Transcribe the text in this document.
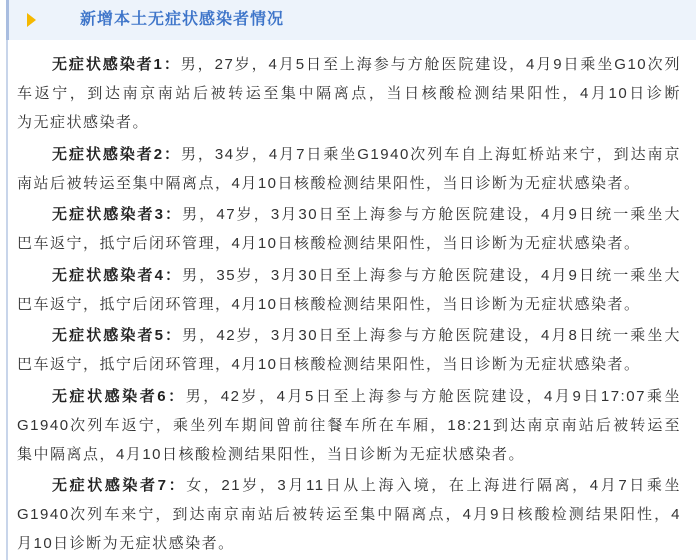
新增本土无症状感染者情况
无症状感染者1：男，27岁，4月5日至上海参与方舱医院建设，4月9日乘坐G10次列
车返宁，到达南京南站后被转运至集中隔离点，当日核酸检测结果阳性，4月10日诊断
为无症状感染者。
无症状感染者2：男，34岁，4月7日乘坐G1940次列车自上海虹桥站来宁，到达南京
南站后被转运至集中隔离点，4月10日核酸检测结果阳性，当日诊断为无症状感染者。
无症状感染者3：男，47岁，3月30日至上海参与方舱医院建设，4月9日统一乘坐大
巴车返宁，抵宁后闭环管理，4月10日核酸检测结果阳性，当日诊断为无症状感染者。
无症状感染者4：男，35岁，3月30日至上海参与方舱医院建设，4月9日统一乘坐大
巴车返宁，抵宁后闭环管理，4月10日核酸检测结果阳性，当日诊断为无症状感染者。
无症状感染者5：男，42岁，3月30日至上海参与方舱医院建设，4月8日统一乘坐大
巴车返宁，抵宁后闭环管理，4月10日核酸检测结果阳性，当日诊断为无症状感染者。
无症状感染者6：男，42岁，4月5日至上海参与方舱医院建设，4月9日17:07乘坐
G1940次列车返宁，乘坐列车期间曾前往餐车所在车厢，18:21到达南京南站后被转运至
集中隔离点，4月10日核酸检测结果阳性，当日诊断为无症状感染者。
无症状感染者7：女，21岁，3月11日从上海入境，在上海进行隔离，4月7日乘坐
G1940次列车来宁，到达南京南站后被转运至集中隔离点，4月9日核酸检测结果阳性，4
月10日诊断为无症状感染者。
